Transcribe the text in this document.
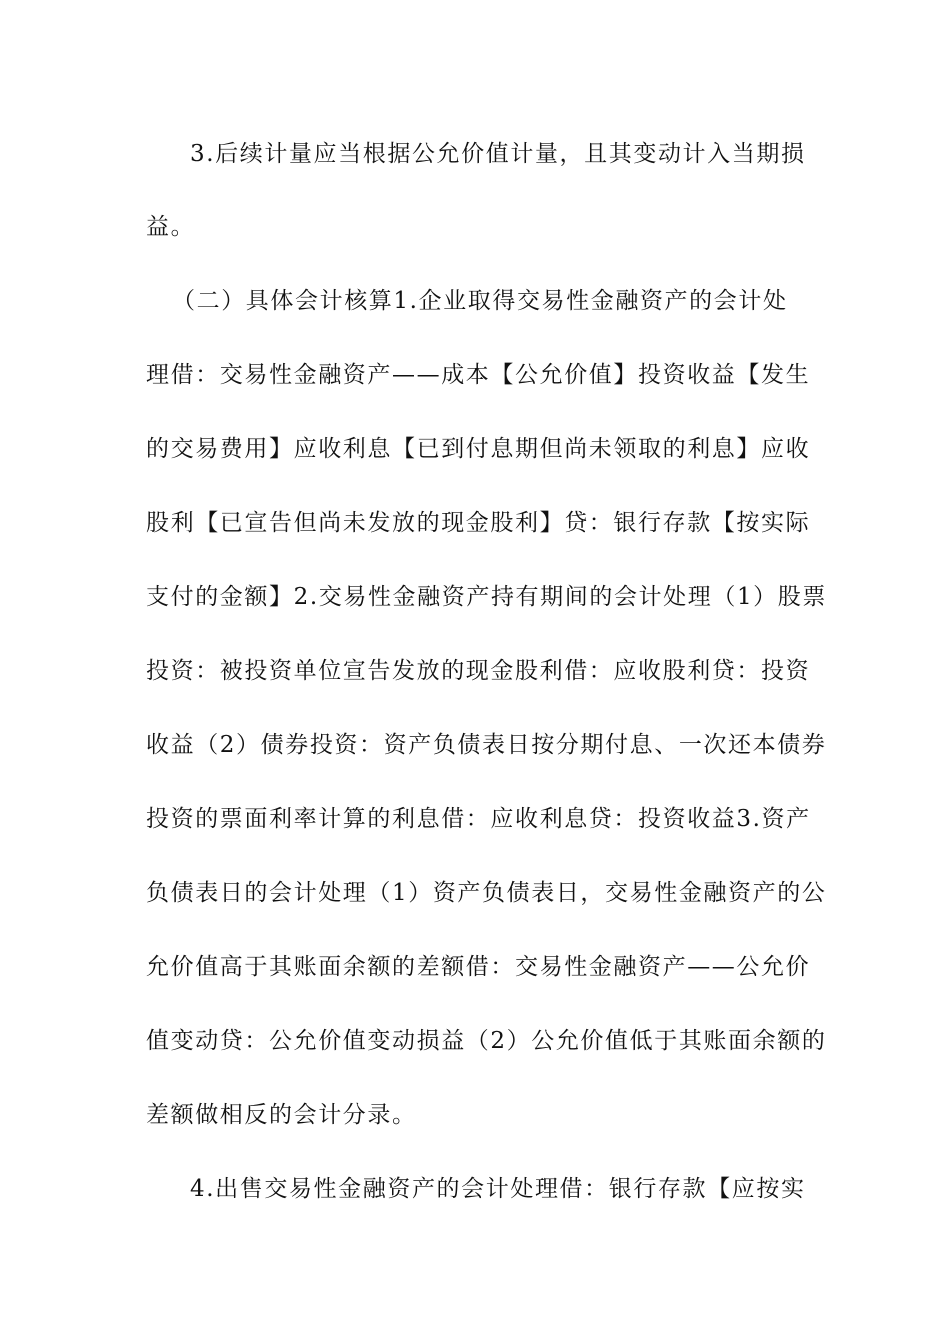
3.后续计量应当根据公允价值计量，且其变动计入当期损
益。
（二）具体会计核算1.企业取得交易性金融资产的会计处
理借：交易性金融资产——成本【公允价值】投资收益【发生
的交易费用】应收利息【已到付息期但尚未领取的利息】应收
股利【已宣告但尚未发放的现金股利】贷：银行存款【按实际
支付的金额】2.交易性金融资产持有期间的会计处理（1）股票
投资：被投资单位宣告发放的现金股利借：应收股利贷：投资
收益（2）债券投资：资产负债表日按分期付息、一次还本债券
投资的票面利率计算的利息借：应收利息贷：投资收益3.资产
负债表日的会计处理（1）资产负债表日，交易性金融资产的公
允价值高于其账面余额的差额借：交易性金融资产——公允价
值变动贷：公允价值变动损益（2）公允价值低于其账面余额的
差额做相反的会计分录。
4.出售交易性金融资产的会计处理借：银行存款【应按实
